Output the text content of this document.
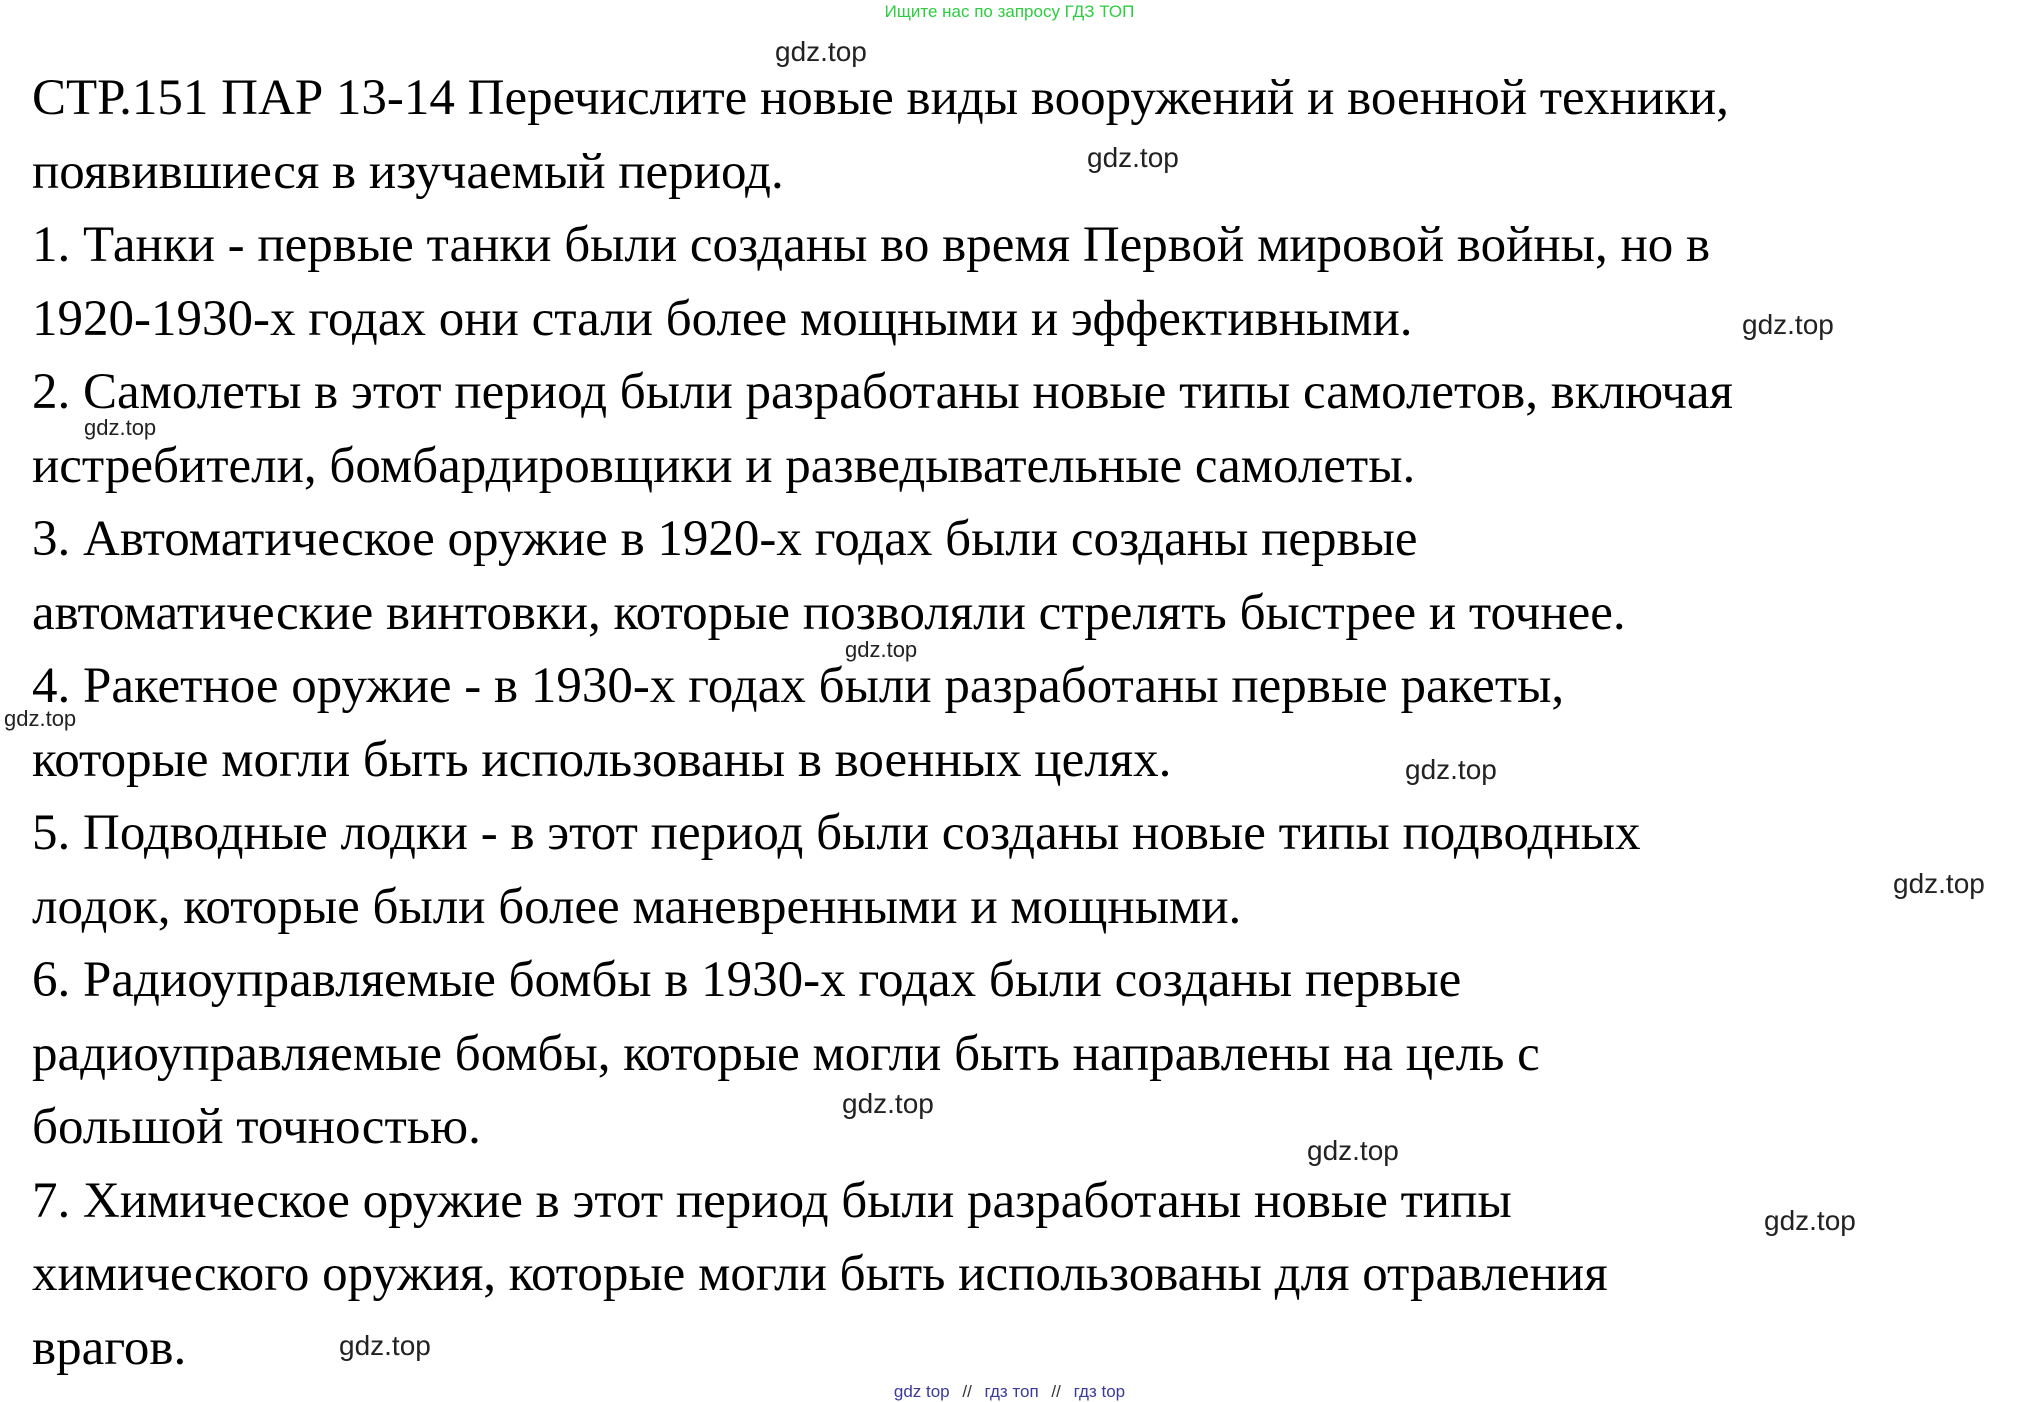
Ищите нас по запросу ГДЗ ТОП

СТР.151 ПАР 13-14 Перечислите новые виды вооружений и военной техники,

появившиеся в изучаемый период.

1. Танки - первые танки были созданы во время Первой мировой войны, но в

1920-1930-х годах они стали более мощными и эффективными.

2. Самолеты в этот период были разработаны новые типы самолетов, включая

истребители, бомбардировщики и разведывательные самолеты.

3. Автоматическое оружие в 1920-х годах были созданы первые

автоматические винтовки, которые позволяли стрелять быстрее и точнее.

4. Ракетное оружие - в 1930-х годах были разработаны первые ракеты,

которые могли быть использованы в военных целях.

5. Подводные лодки - в этот период были созданы новые типы подводных

лодок, которые были более маневренными и мощными.

6. Радиоуправляемые бомбы в 1930-х годах были созданы первые

радиоуправляемые бомбы, которые могли быть направлены на цель с

большой точностью.

7. Химическое оружие в этот период были разработаны новые типы

химического оружия, которые могли быть использованы для отравления

врагов.

gdz.top
gdz.top
gdz.top
gdz.top
gdz.top
gdz.top
gdz.top
gdz.top
gdz.top
gdz.top
gdz.top
gdz.top
gdz top // гдз топ // гдз top
